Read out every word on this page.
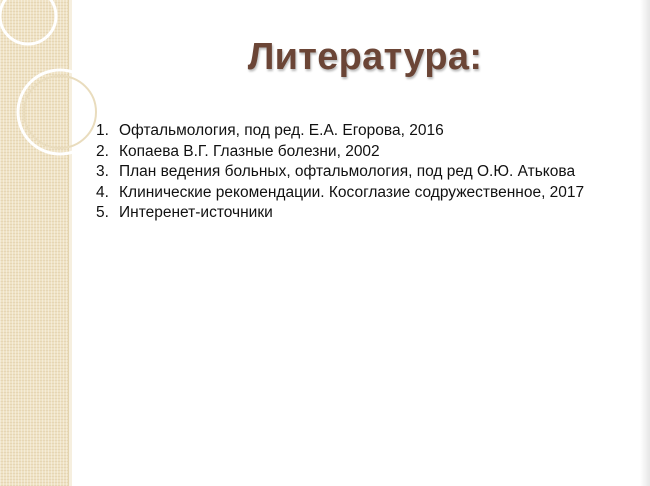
Литература:
1. Офтальмология, под ред. Е.А. Егорова, 2016
2. Копаева В.Г. Глазные болезни, 2002
3. План ведения больных, офтальмология, под ред О.Ю. Атькова
4. Клинические рекомендации. Косоглазие содружественное, 2017
5. Интеренет-источники
